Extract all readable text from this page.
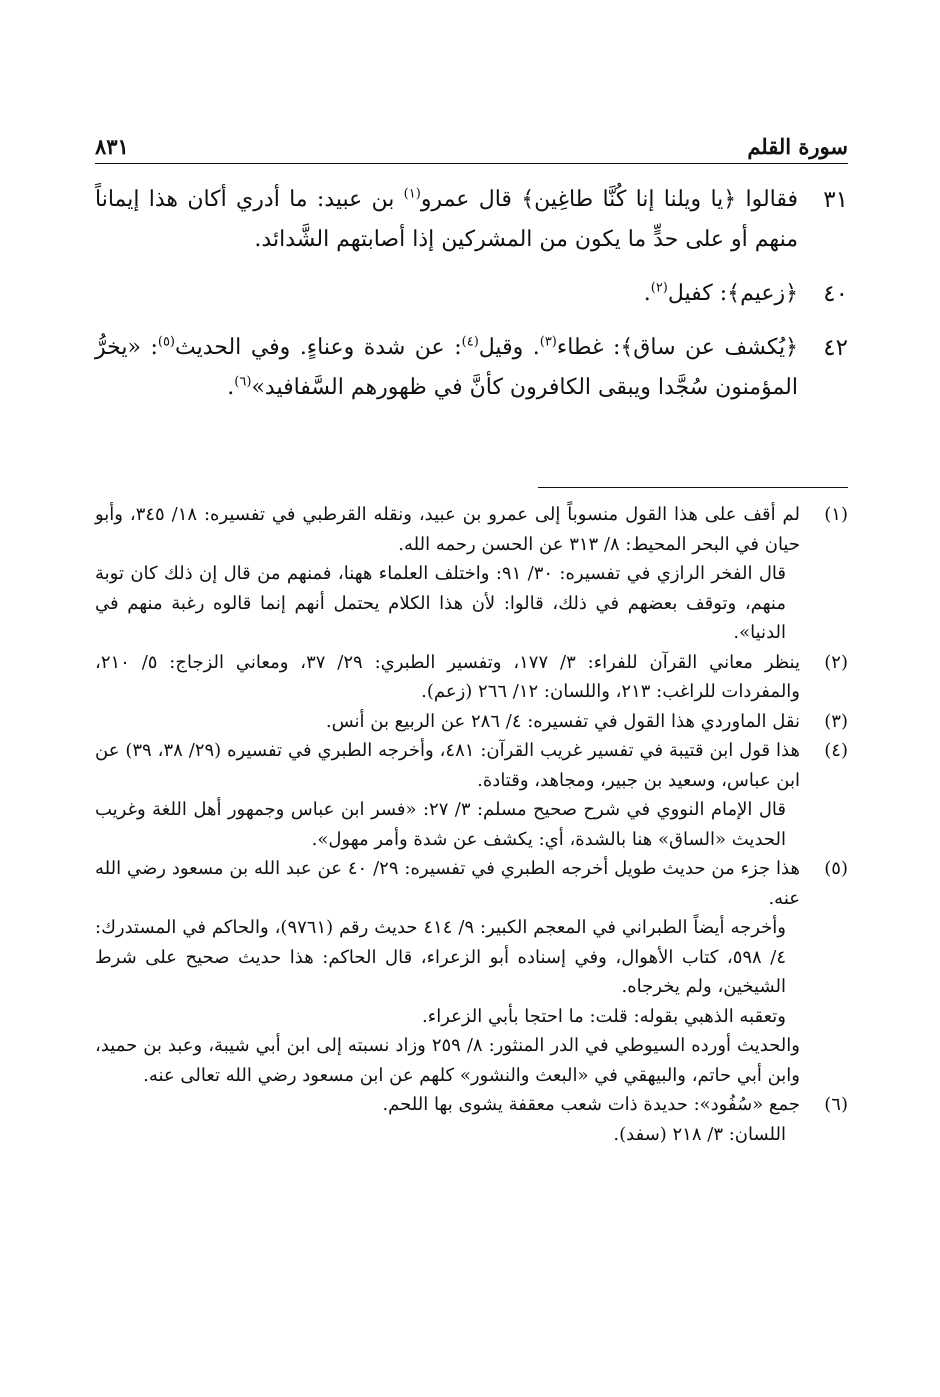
سورة القلم
٨٣١
٣١
فقالوا ﴿يا ويلنا إنا كُنَّا طاغِين﴾ قال عمرو$^{(١)}$ بن عبيد: ما أدري أكان هذا إيماناً منهم أو على حدٍّ ما يكون من المشركين إذا أصابتهم الشَّدائد.
٤٠
﴿زعيم﴾: كفيل$^{(٢)}$.
٤٢
﴿يُكشف عن ساق﴾: غطاء$^{(٣)}$. وقيل$^{(٤)}$: عن شدة وعناءٍ. وفي الحديث$^{(٥)}$: «يخرُّ المؤمنون سُجَّدا ويبقى الكافرون كأنَّ في ظهورهم السَّفافيد»$^{(٦)}$.
(١)

لم أقف على هذا القول منسوباً إلى عمرو بن عبيد، ونقله القرطبي في تفسيره: ١٨/ ٣٤٥، وأبو حيان في البحر المحيط: ٨/ ٣١٣ عن الحسن رحمه الله.

قال الفخر الرازي في تفسيره: ٣٠/ ٩١: واختلف العلماء ههنا، فمنهم من قال إن ذلك كان توبة منهم، وتوقف بعضهم في ذلك، قالوا: لأن هذا الكلام يحتمل أنهم إنما قالوه رغبة منهم في الدنيا».

(٢)

ينظر معاني القرآن للفراء: ٣/ ١٧٧، وتفسير الطبري: ٢٩/ ٣٧، ومعاني الزجاج: ٥/ ٢١٠، والمفردات للراغب: ٢١٣، واللسان: ١٢/ ٢٦٦ (زعم).

(٣)

نقل الماوردي هذا القول في تفسيره: ٤/ ٢٨٦ عن الربيع بن أنس.

(٤)

هذا قول ابن قتيبة في تفسير غريب القرآن: ٤٨١، وأخرجه الطبري في تفسيره (٢٩/ ٣٨، ٣٩) عن ابن عباس، وسعيد بن جبير، ومجاهد، وقتادة.

قال الإمام النووي في شرح صحيح مسلم: ٣/ ٢٧: «فسر ابن عباس وجمهور أهل اللغة وغريب الحديث «الساق» هنا بالشدة، أي: يكشف عن شدة وأمر مهول».

(٥)

هذا جزء من حديث طويل أخرجه الطبري في تفسيره: ٢٩/ ٤٠ عن عبد الله بن مسعود رضي الله عنه.

وأخرجه أيضاً الطبراني في المعجم الكبير: ٩/ ٤١٤ حديث رقم (٩٧٦١)، والحاكم في المستدرك: ٤/ ٥٩٨، كتاب الأهوال، وفي إسناده أبو الزعراء، قال الحاكم: هذا حديث صحيح على شرط الشيخين، ولم يخرجاه.

وتعقبه الذهبي بقوله: قلت: ما احتجا بأبي الزعراء.

والحديث أورده السيوطي في الدر المنثور: ٨/ ٢٥٩ وزاد نسبته إلى ابن أبي شيبة، وعبد بن حميد، وابن أبي حاتم، والبيهقي في «البعث والنشور» كلهم عن ابن مسعود رضي الله تعالى عنه.

(٦)

جمع «سُفُود»: حديدة ذات شعب معقفة يشوى بها اللحم.

اللسان: ٣/ ٢١٨ (سفد).
